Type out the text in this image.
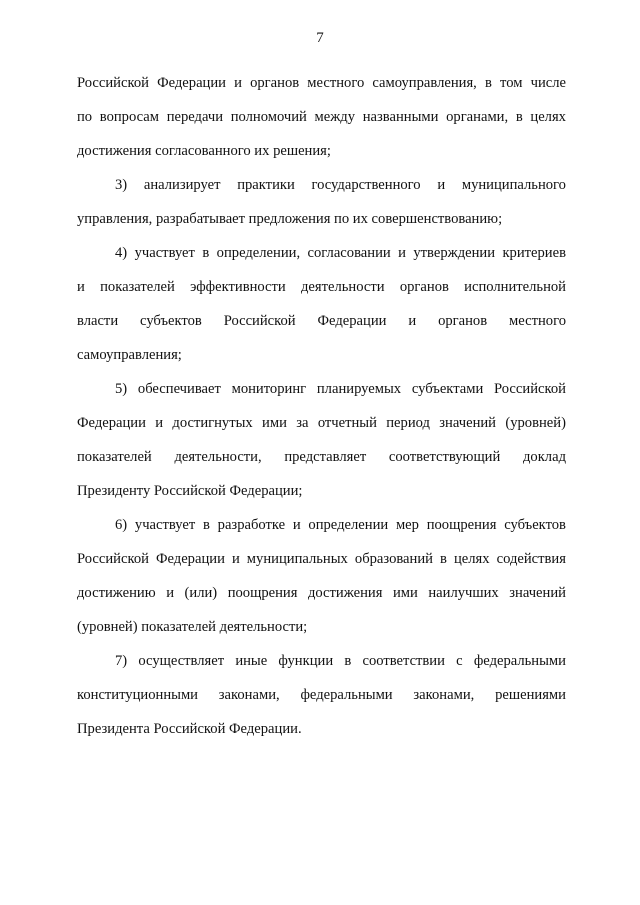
7
Российской Федерации и органов местного самоуправления, в том числе
по вопросам передачи полномочий между названными органами, в целях
достижения согласованного их решения;
3) анализирует практики государственного и муниципального
управления, разрабатывает предложения по их совершенствованию;
4) участвует в определении, согласовании и утверждении критериев
и показателей эффективности деятельности органов исполнительной
власти субъектов Российской Федерации и органов местного
самоуправления;
5) обеспечивает мониторинг планируемых субъектами Российской
Федерации и достигнутых ими за отчетный период значений (уровней)
показателей деятельности, представляет соответствующий доклад
Президенту Российской Федерации;
6) участвует в разработке и определении мер поощрения субъектов
Российской Федерации и муниципальных образований в целях содействия
достижению и (или) поощрения достижения ими наилучших значений
(уровней) показателей деятельности;
7) осуществляет иные функции в соответствии с федеральными
конституционными законами, федеральными законами, решениями
Президента Российской Федерации.
